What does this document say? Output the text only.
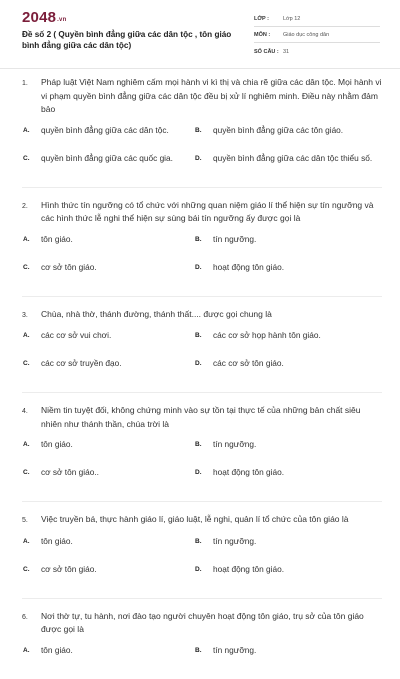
2048.vn
Đề số 2 ( Quyền bình đẳng giữa các dân tộc , tôn giáo bình đẳng giữa các dân tộc)
LỚP :	Lớp 12
MÔN :	Giáo dục công dân
SỐ CÂU : 31
1.	Pháp luật Việt Nam nghiêm cấm mọi hành vi kì thị và chia rẽ giữa các dân tộc. Mọi hành vi vi phạm quyền bình đẳng giữa các dân tộc đều bị xử lí nghiêm minh. Điều này nhằm đảm bảo
A.	quyền bình đẳng giữa các dân tộc.	B.	quyền bình đẳng giữa các tôn giáo.
C.	quyền bình đẳng giữa các quốc gia.	D.	quyền bình đẳng giữa các dân tộc thiểu số.
2.	Hình thức tín ngưỡng có tổ chức với những quan niệm giáo lí thể hiện sự tín ngưỡng và các hình thức lễ nghi thể hiện sự sùng bái tín ngưỡng ấy được gọi là
A.	tôn giáo.	B.	tín ngưỡng.
C.	cơ sở tôn giáo.	D.	hoạt động tôn giáo.
3.	Chùa, nhà thờ, thánh đường, thánh thất.... được gọi chung là
A.	các cơ sở vui chơi.	B.	các cơ sở họp hành tôn giáo.
C.	các cơ sở truyền đạo.	D.	các cơ sở tôn giáo.
4.	Niềm tin tuyệt đối, không chứng minh vào sự tồn tại thực tế của những bản chất siêu nhiên như thánh thần, chúa trời là
A.	tôn giáo.	B.	tín ngưỡng.
C.	cơ sở tôn giáo..	D.	hoạt động tôn giáo.
5.	Việc truyền bá, thực hành giáo lí, giáo luật, lễ nghi, quản lí tổ chức của tôn giáo là
A.	tôn giáo.	B.	tín ngưỡng.
C.	cơ sở tôn giáo.	D.	hoạt động tôn giáo.
6.	Nơi thờ tự, tu hành, nơi đào tạo người chuyên hoạt động tôn giáo, trụ sở của tôn giáo được gọi là
A.	tôn giáo.	B.	tín ngưỡng.
